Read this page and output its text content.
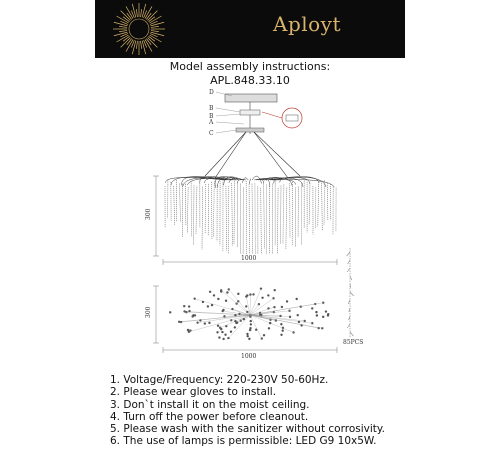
Aployt
Model assembly instructions:
APL.848.33.10
D
B
B
A
C
300
1000
85PCS
300
1000
1. Voltage/Frequency: 220-230V 50-60Hz.
2. Please wear gloves to install.
3. Don`t install it on the moist ceiling.
4. Turn off the power before cleanout.
5. Please wash with the sanitizer without corrosivity.
6. The use of lamps is permissible: LED G9 10x5W.
